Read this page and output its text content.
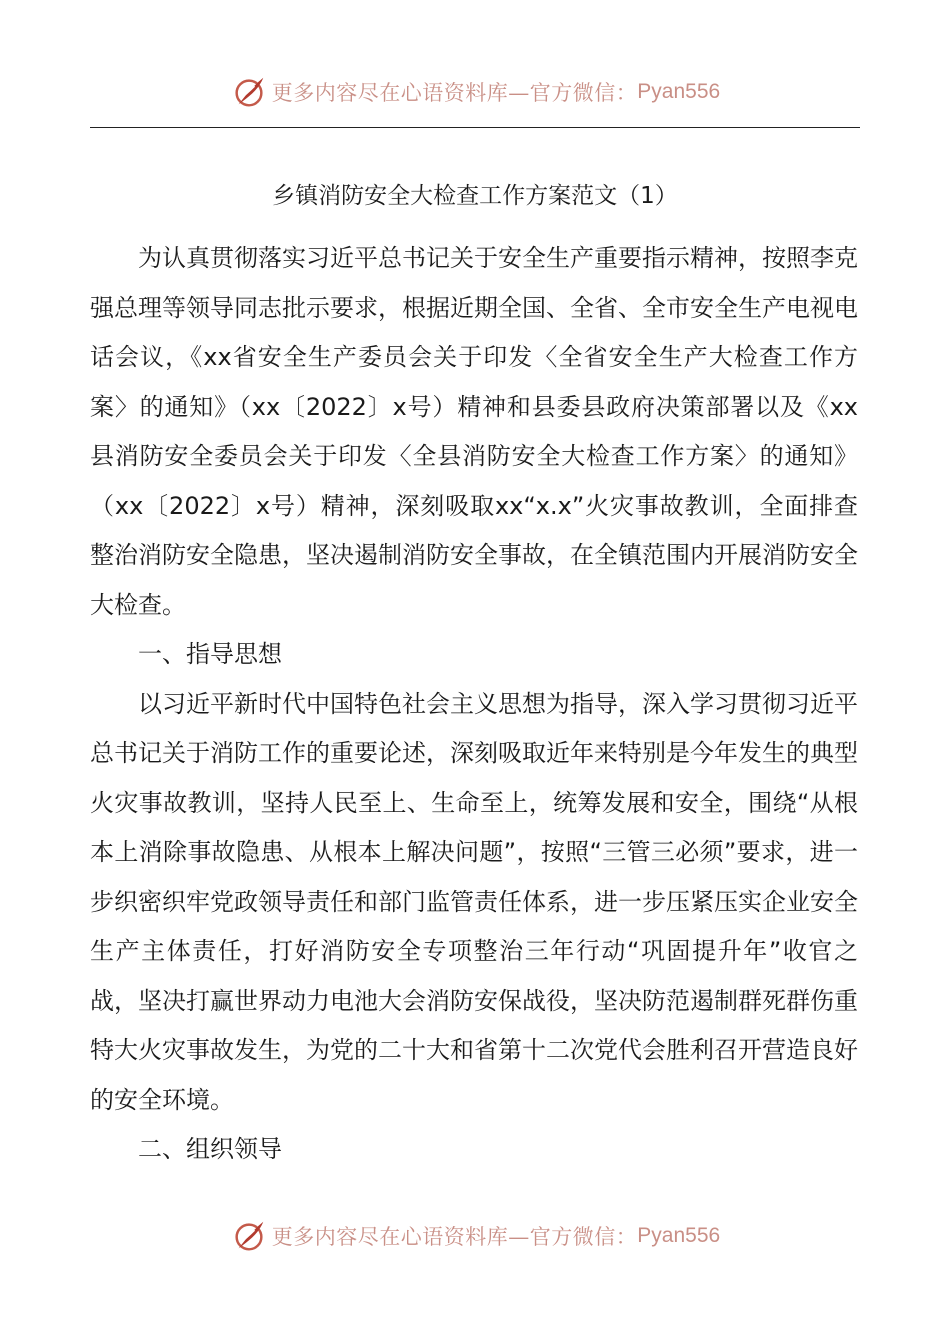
更多内容尽在心语资料库—官方微信： Pyan556
乡镇消防安全大检查工作方案范文（1）

为认真贯彻落实习近平总书记关于安全生产重要指示精神，按照李克强总理等领导同志批示要求，根据近期全国、全省、全市安全生产电视电话会议，《xx省安全生产委员会关于印发〈全省安全生产大检查工作方案〉的通知》（xx〔2022〕x号）精神和县委县政府决策部署以及《xx县消防安全委员会关于印发〈全县消防安全大检查工作方案〉的通知》（xx〔2022〕x号）精神，深刻吸取xx“x.x”火灾事故教训，全面排查整治消防安全隐患，坚决遏制消防安全事故，在全镇范围内开展消防安全大检查。

一、指导思想

以习近平新时代中国特色社会主义思想为指导，深入学习贯彻习近平总书记关于消防工作的重要论述，深刻吸取近年来特别是今年发生的典型火灾事故教训，坚持人民至上、生命至上，统筹发展和安全，围绕“从根本上消除事故隐患、从根本上解决问题”，按照“三管三必须”要求，进一步织密织牢党政领导责任和部门监管责任体系，进一步压紧压实企业安全生产主体责任，打好消防安全专项整治三年行动“巩固提升年”收官之战，坚决打赢世界动力电池大会消防安保战役，坚决防范遏制群死群伤重特大火灾事故发生，为党的二十大和省第十二次党代会胜利召开营造良好的安全环境。

二、组织领导

更多内容尽在心语资料库—官方微信： Pyan556
